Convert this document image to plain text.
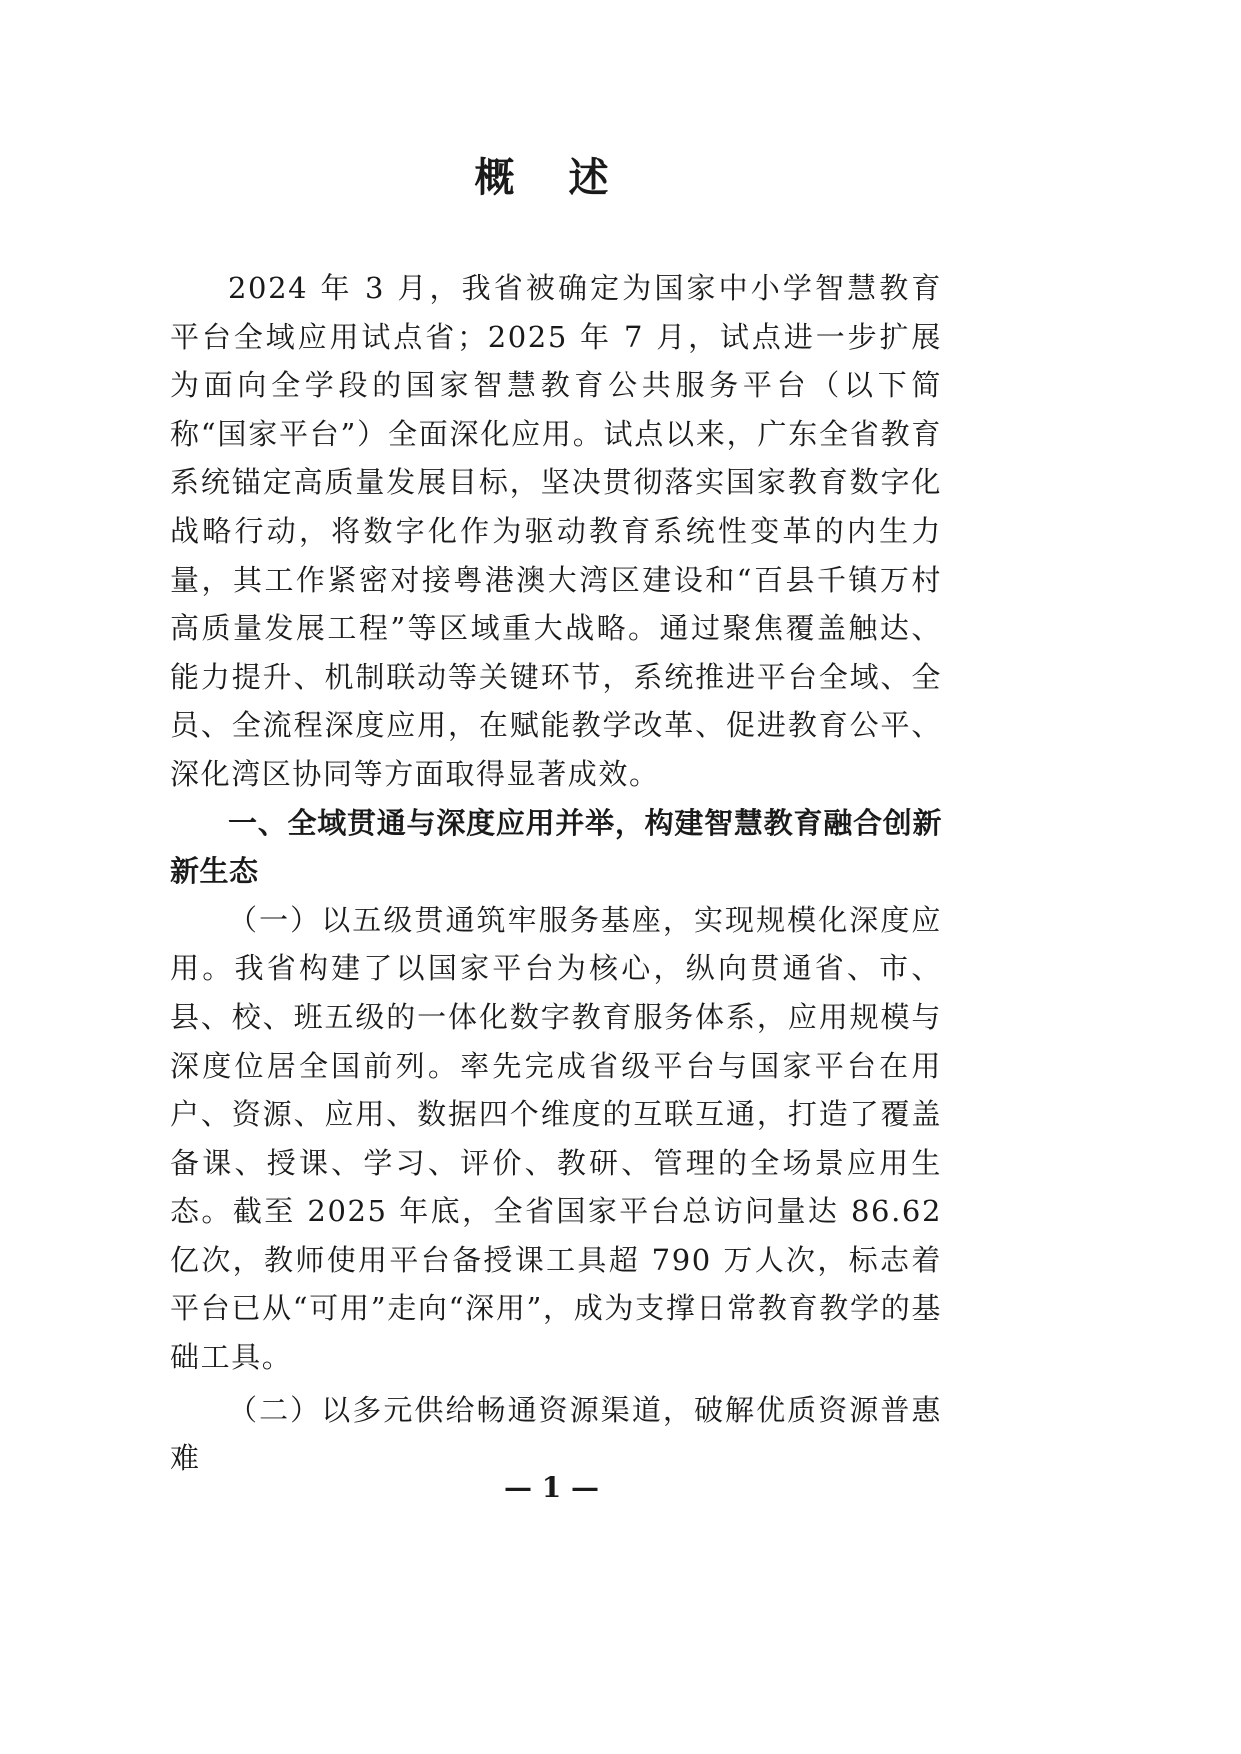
概 述

2024 年 3 月，我省被确定为国家中小学智慧教育平台全域应用试点省；2025 年 7 月，试点进一步扩展为面向全学段的国家智慧教育公共服务平台（以下简称“国家平台”）全面深化应用。试点以来，广东全省教育系统锚定高质量发展目标，坚决贯彻落实国家教育数字化战略行动，将数字化作为驱动教育系统性变革的内生力量，其工作紧密对接粤港澳大湾区建设和“百县千镇万村高质量发展工程”等区域重大战略。通过聚焦覆盖触达、能力提升、机制联动等关键环节，系统推进平台全域、全员、全流程深度应用，在赋能教学改革、促进教育公平、深化湾区协同等方面取得显著成效。

一、全域贯通与深度应用并举，构建智慧教育融合创新新生态

（一）以五级贯通筑牢服务基座，实现规模化深度应用。我省构建了以国家平台为核心，纵向贯通省、市、县、校、班五级的一体化数字教育服务体系，应用规模与深度位居全国前列。率先完成省级平台与国家平台在用户、资源、应用、数据四个维度的互联互通，打造了覆盖备课、授课、学习、评价、教研、管理的全场景应用生态。截至 2025 年底，全省国家平台总访问量达 86.62 亿次，教师使用平台备授课工具超 790 万人次，标志着平台已从“可用”走向“深用”，成为支撑日常教育教学的基础工具。

（二）以多元供给畅通资源渠道，破解优质资源普惠难

— 1 —
